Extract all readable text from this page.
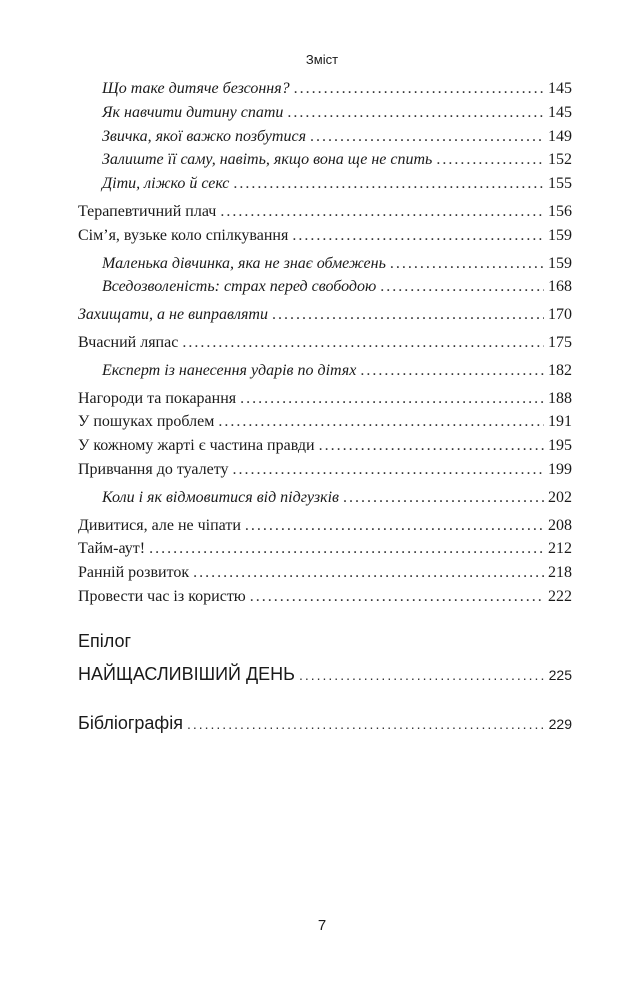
Зміст
Що таке дитяче безсоння? .....	145
Як навчити дитину спати .....	145
Звичка, якої важко позбутися .....	149
Залиште її саму, навіть, якщо вона ще не спить .....	152
Діти, ліжко й секс .....	155
Терапевтичний плач .....	156
Сім’я, вузьке коло спілкування .....	159
Маленька дівчинка, яка не знає обмежень .....	159
Вседозволеність: страх перед свободою .....	168
Захищати, а не виправляти .....	170
Вчасний ляпас .....	175
Експерт із нанесення ударів по дітях .....	182
Нагороди та покарання .....	188
У пошуках проблем .....	191
У кожному жарті є частина правди .....	195
Привчання до туалету .....	199
Коли і як відмовитися від підгузків .....	202
Дивитися, але не чіпати .....	208
Тайм-аут! .....	212
Ранній розвиток .....	218
Провести час із користю .....	222
Епілог
НАЙЩАСЛИВІШИЙ ДЕНЬ .....	225
Бібліографія .....	229
7
